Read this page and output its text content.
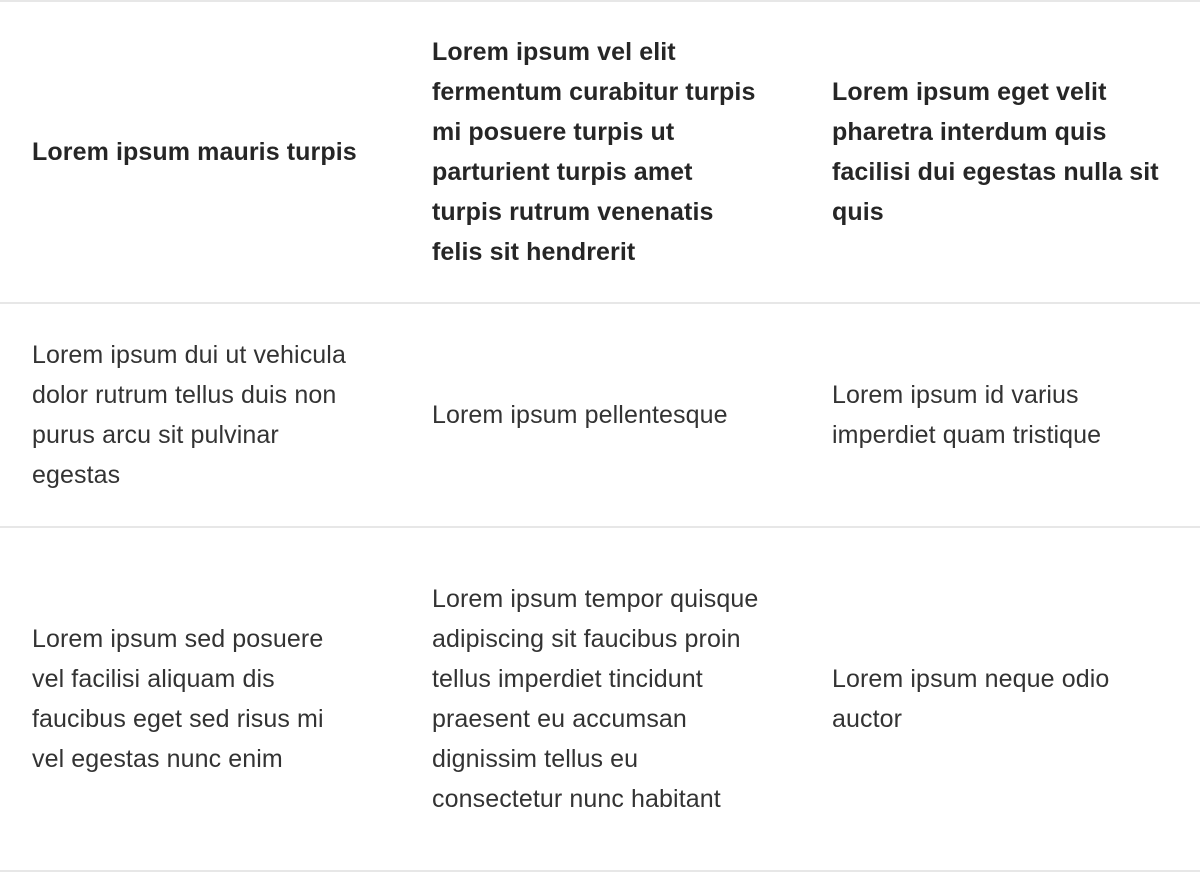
Lorem ipsum mauris turpis	Lorem ipsum vel elit fermentum curabitur turpis mi posuere turpis ut parturient turpis amet turpis rutrum venenatis felis sit hendrerit	Lorem ipsum eget velit pharetra interdum quis facilisi dui egestas nulla sit quis
Lorem ipsum dui ut vehicula dolor rutrum tellus duis non purus arcu sit pulvinar egestas	Lorem ipsum pellentesque	Lorem ipsum id varius imperdiet quam tristique
Lorem ipsum sed posuere vel facilisi aliquam dis faucibus eget sed risus mi vel egestas nunc enim	Lorem ipsum tempor quisque adipiscing sit faucibus proin tellus imperdiet tincidunt praesent eu accumsan dignissim tellus eu consectetur nunc habitant	Lorem ipsum neque odio auctor
